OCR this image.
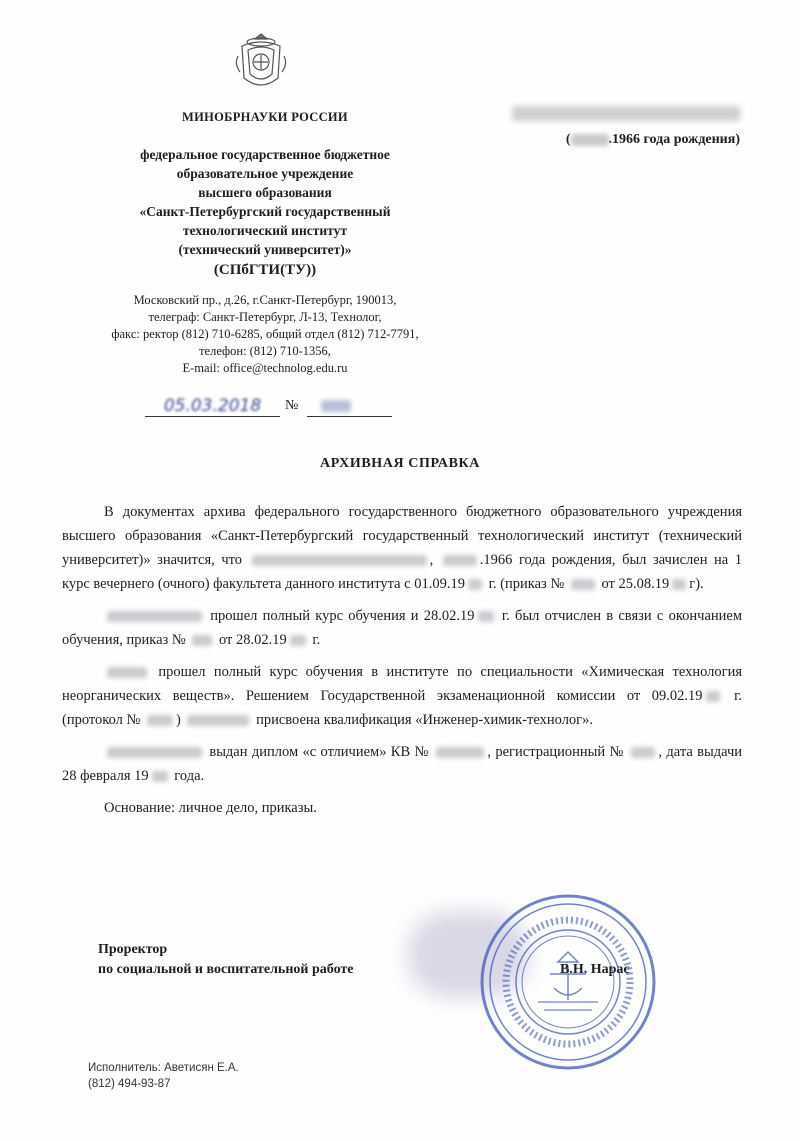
МИНОБРНАУКИ РОССИИ
(	.1966 года рождения)
федеральное государственное бюджетное
образовательное учреждение
высшего образования
«Санкт-Петербургский государственный
технологический институт
(технический университет)»
(СПбГТИ(ТУ))
Московский пр., д.26, г.Санкт-Петербург, 190013,
телеграф: Санкт-Петербург, Л-13, Технолог,
факс: ректор (812) 710-6285, общий отдел (812) 712-7791,
телефон: (812) 710-1356,
E-mail: office@technolog.edu.ru
05.03.2018	№
АРХИВНАЯ СПРАВКА

В документах архива федерального государственного бюджетного образовательного учреждения высшего образования «Санкт-Петербургский государственный технологический институт (технический университет)» значится, что	,	.1966 года рождения, был зачислен на 1 курс вечернего (очного) факультета данного института с 01.09.19 г. (приказ №	от 25.08.19 г).

прошел полный курс обучения и 28.02.19 г. был отчислен в связи с окончанием обучения, приказ № от 28.02.19 г.

прошел полный курс обучения в институте по специальности «Химическая технология неорганических веществ». Решением Государственной экзаменационной комиссии от 09.02.19 г. (протокол № )	присвоена квалификация «Инженер-химик-технолог».

выдан диплом «с отличием» КВ №	, регистрационный № , дата выдачи 28 февраля 19 года.

Основание: личное дело, приказы.

Проректор
по социальной и воспитательной работе	В.Н. Нарас
Исполнитель: Аветисян Е.А.
(812) 494-93-87
